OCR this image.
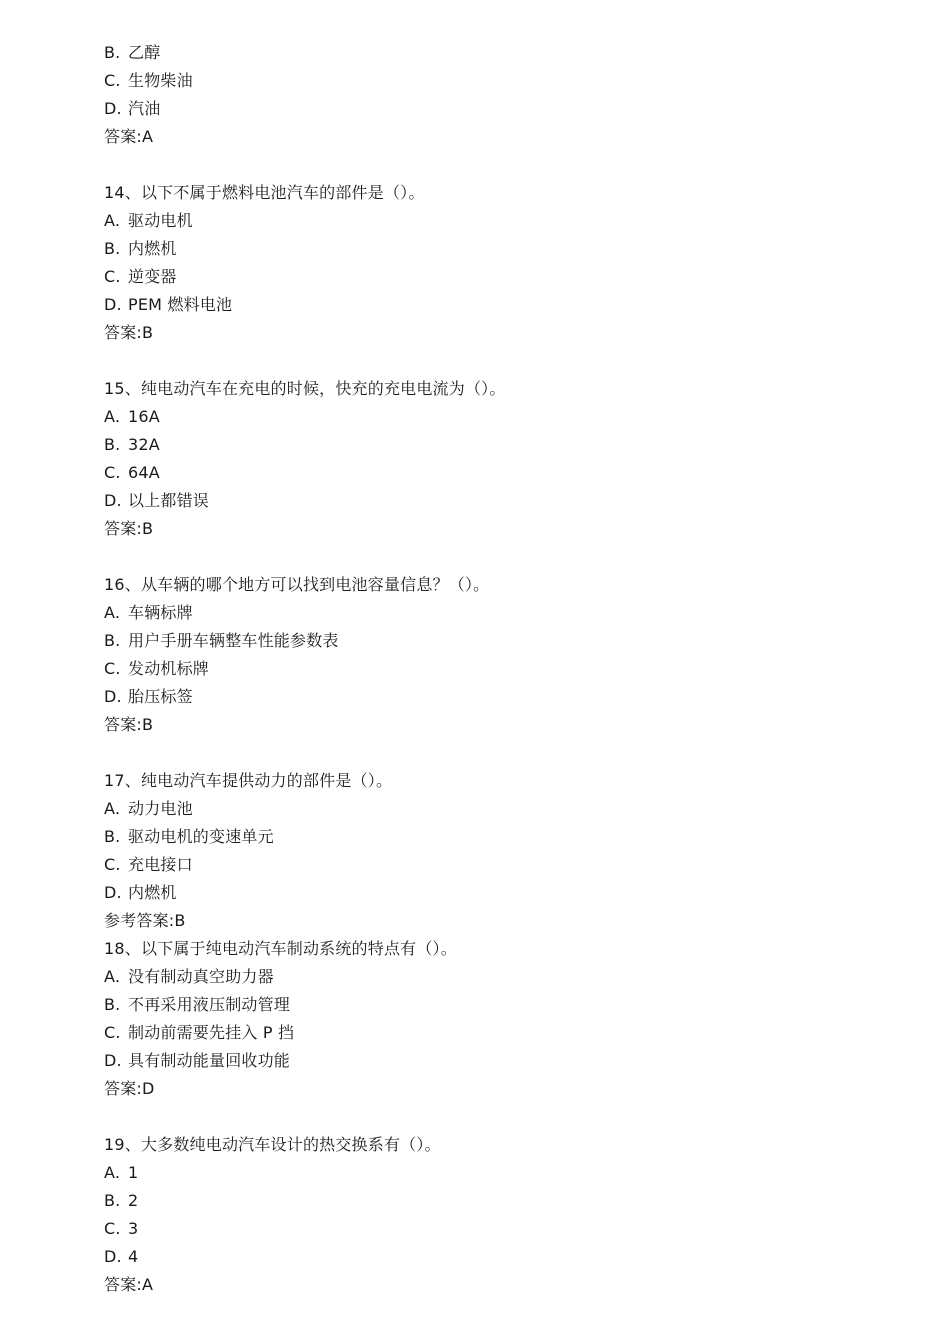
B. 乙醇
C. 生物柴油
D. 汽油
答案:A
14、以下不属于燃料电池汽车的部件是（）。
A. 驱动电机
B. 内燃机
C. 逆变器
D. PEM 燃料电池
答案:B
15、纯电动汽车在充电的时候，快充的充电电流为（）。
A. 16A
B. 32A
C. 64A
D. 以上都错误
答案:B
16、从车辆的哪个地方可以找到电池容量信息？（）。
A. 车辆标牌
B. 用户手册车辆整车性能参数表
C. 发动机标牌
D. 胎压标签
答案:B
17、纯电动汽车提供动力的部件是（）。
A. 动力电池
B. 驱动电机的变速单元
C. 充电接口
D. 内燃机
参考答案:B
18、以下属于纯电动汽车制动系统的特点有（）。
A. 没有制动真空助力器
B. 不再采用液压制动管理
C. 制动前需要先挂入 P 挡
D. 具有制动能量回收功能
答案:D
19、大多数纯电动汽车设计的热交换系有（）。
A. 1
B. 2
C. 3
D. 4
答案:A
